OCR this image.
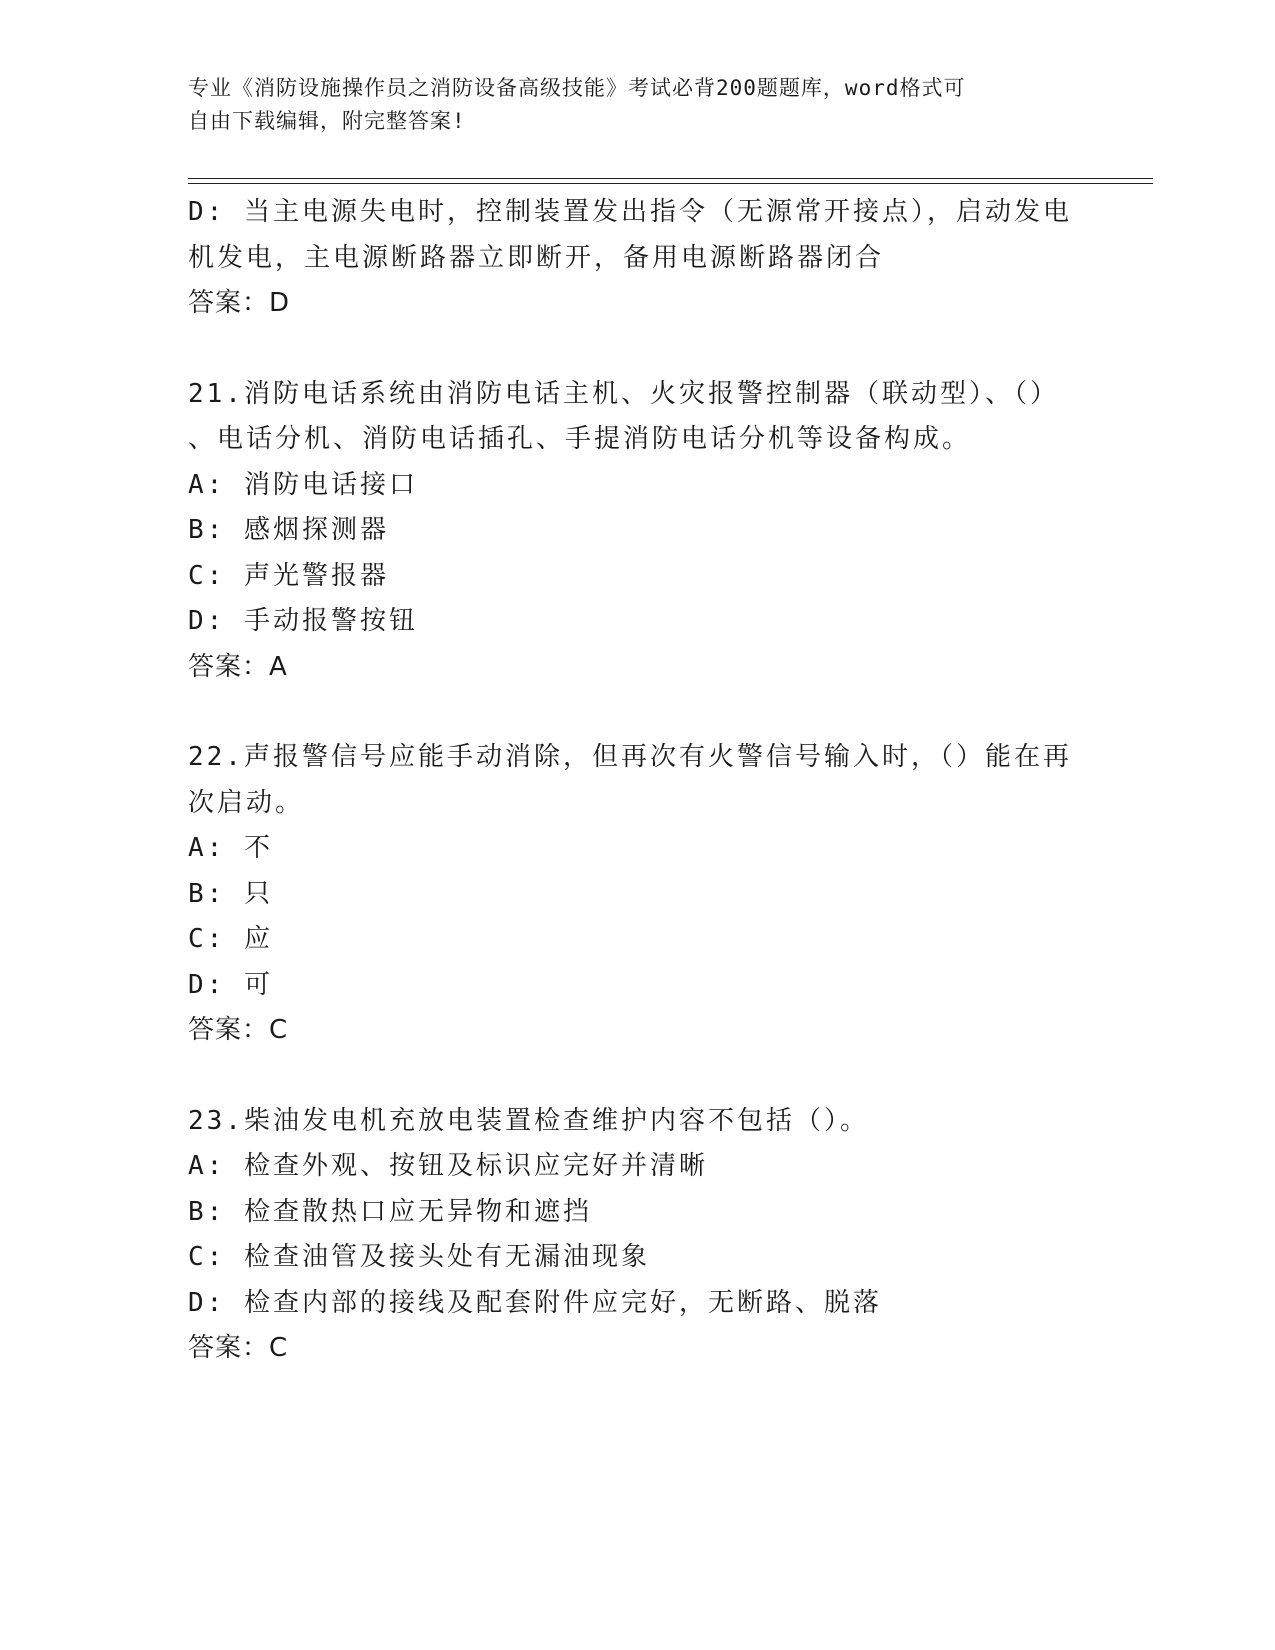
专业《消防设施操作员之消防设备高级技能》考试必背200题题库，word格式可
自由下载编辑，附完整答案!
D: 当主电源失电时，控制装置发出指令（无源常开接点），启动发电
机发电，主电源断路器立即断开，备用电源断路器闭合
答案：D
21.消防电话系统由消防电话主机、火灾报警控制器（联动型）、（）
、电话分机、消防电话插孔、手提消防电话分机等设备构成。
A: 消防电话接口
B: 感烟探测器
C: 声光警报器
D: 手动报警按钮
答案：A
22.声报警信号应能手动消除，但再次有火警信号输入时，（）能在再
次启动。
A: 不
B: 只
C: 应
D: 可
答案：C
23.柴油发电机充放电装置检查维护内容不包括（）。
A: 检查外观、按钮及标识应完好并清晰
B: 检查散热口应无异物和遮挡
C: 检查油管及接头处有无漏油现象
D: 检查内部的接线及配套附件应完好，无断路、脱落
答案：C
